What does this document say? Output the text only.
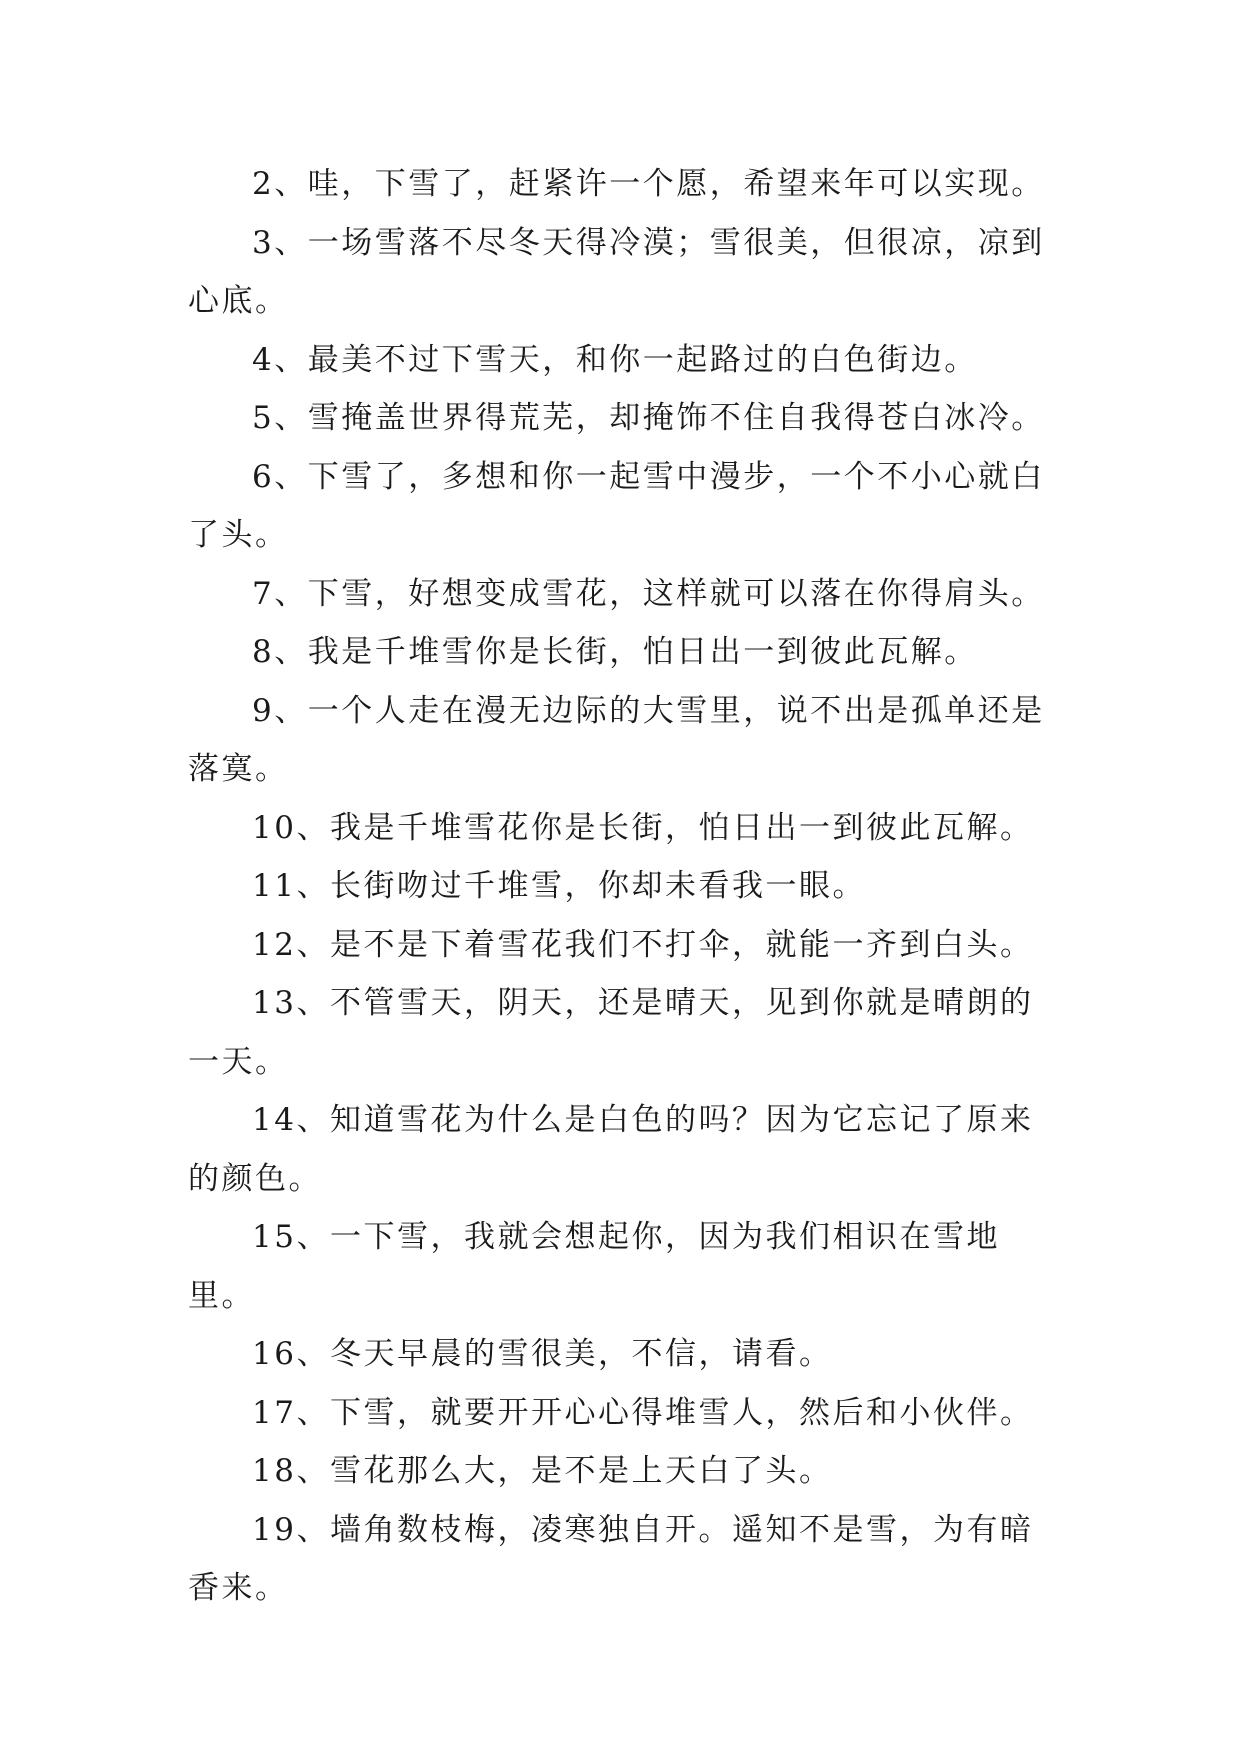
2、哇，下雪了，赶紧许一个愿，希望来年可以实现。

3、一场雪落不尽冬天得冷漠；雪很美，但很凉，凉到心底。

4、最美不过下雪天，和你一起路过的白色街边。

5、雪掩盖世界得荒芜，却掩饰不住自我得苍白冰冷。

6、下雪了，多想和你一起雪中漫步，一个不小心就白了头。

7、下雪，好想变成雪花，这样就可以落在你得肩头。

8、我是千堆雪你是长街，怕日出一到彼此瓦解。

9、一个人走在漫无边际的大雪里，说不出是孤单还是落寞。

10、我是千堆雪花你是长街，怕日出一到彼此瓦解。

11、长街吻过千堆雪，你却未看我一眼。

12、是不是下着雪花我们不打伞，就能一齐到白头。

13、不管雪天，阴天，还是晴天，见到你就是晴朗的一天。

14、知道雪花为什么是白色的吗？因为它忘记了原来的颜色。

15、一下雪，我就会想起你，因为我们相识在雪地里。

16、冬天早晨的雪很美，不信，请看。

17、下雪，就要开开心心得堆雪人，然后和小伙伴。

18、雪花那么大，是不是上天白了头。

19、墙角数枝梅，凌寒独自开。遥知不是雪，为有暗香来。
